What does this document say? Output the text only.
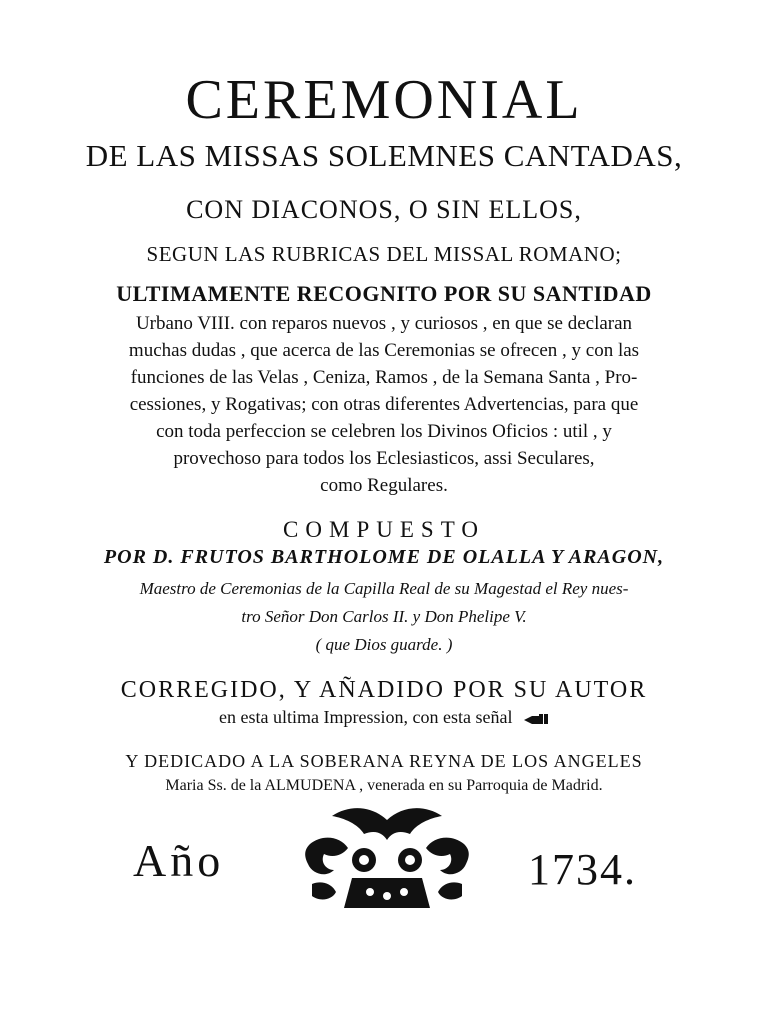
CEREMONIAL
DE LAS MISSAS SOLEMNES CANTADAS,
CON DIACONOS, O SIN ELLOS,
SEGUN LAS RUBRICAS DEL MISSAL ROMANO;
ULTIMAMENTE RECOGNITO POR SU SANTIDAD
Urbano VIII. con reparos nuevos , y curiosos , en que se declaran
muchas dudas , que acerca de las Ceremonias se ofrecen , y con las
funciones de las Velas , Ceniza, Ramos , de la Semana Santa , Pro-
cessiones, y Rogativas; con otras diferentes Advertencias, para que
con toda perfeccion se celebren los Divinos Oficios : util , y
provechoso para todos los Eclesiasticos, assi Seculares,
como Regulares.
COMPUESTO
POR D. FRUTOS BARTHOLOME DE OLALLA Y ARAGON,
Maestro de Ceremonias de la Capilla Real de su Magestad el Rey nues-
tro Señor Don Carlos II. y Don Phelipe V.
( que Dios guarde. )
CORREGIDO, Y AÑADIDO POR SU AUTOR
en esta ultima Impression, con esta señal
Y DEDICADO A LA SOBERANA REYNA DE LOS ANGELES
Maria Ss. de la ALMUDENA , venerada en su Parroquia de Madrid.
Año	1734.
